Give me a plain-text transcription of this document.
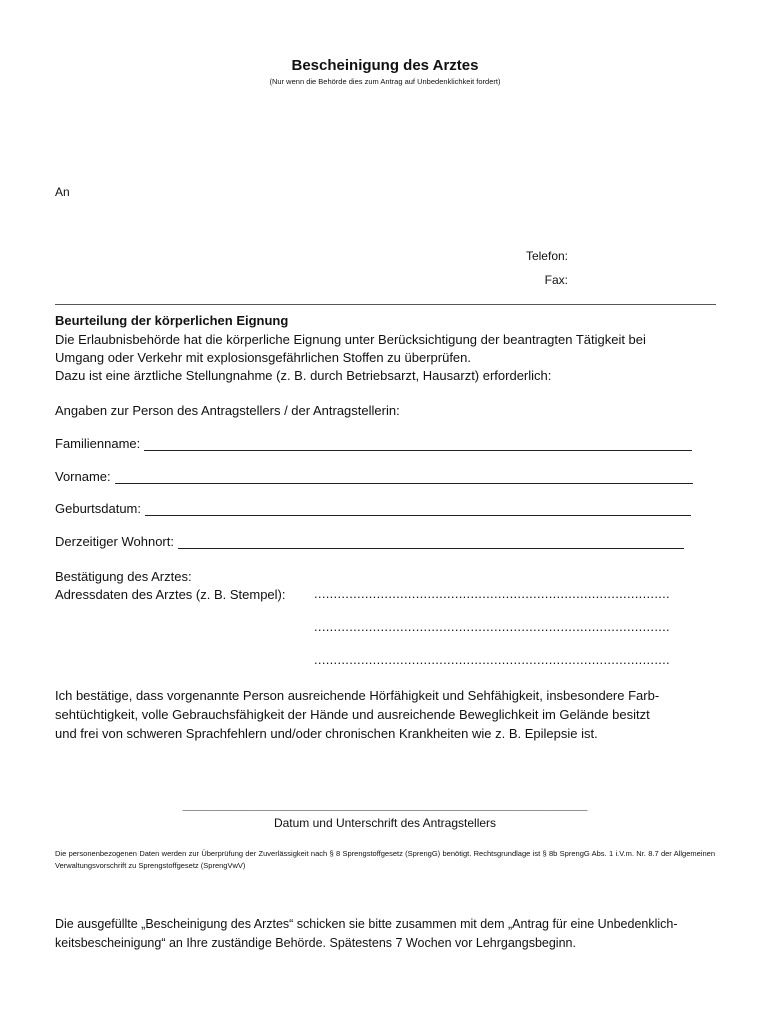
Bescheinigung des Arztes
(Nur wenn die Behörde dies zum Antrag auf Unbedenklichkeit fordert)
An
Telefon:
Fax:
Beurteilung der körperlichen Eignung
Die Erlaubnisbehörde hat die körperliche Eignung unter Berücksichtigung der beantragten Tätigkeit bei
Umgang oder Verkehr mit explosionsgefährlichen Stoffen zu überprüfen.
Dazu ist eine ärztliche Stellungnahme (z. B. durch Betriebsarzt, Hausarzt) erforderlich:
Angaben zur Person des Antragstellers / der Antragstellerin:
Familienname:
Vorname:
Geburtsdatum:
Derzeitiger Wohnort:
Bestätigung des Arztes:
Adressdaten des Arztes (z. B. Stempel): ...........................................................................................
...........................................................................................
...........................................................................................
Ich bestätige, dass vorgenannte Person ausreichende Hörfähigkeit und Sehfähigkeit, insbesondere Farb-
sehtüchtigkeit, volle Gebrauchsfähigkeit der Hände und ausreichende Beweglichkeit im Gelände besitzt
und frei von schweren Sprachfehlern und/oder chronischen Krankheiten wie z. B. Epilepsie ist.
___________________________________________________________________________________________
Datum und Unterschrift des Antragstellers
Die personenbezogenen Daten werden zur Überprüfung der Zuverlässigkeit nach § 8 Sprengstoffgesetz (SprengG) benötigt. Rechtsgrundlage ist § 8b SprengG Abs. 1 i.V.m. Nr. 8.7 der Allgemeinen Verwaltungsvorschrift zu Sprengstoffgesetz (SprengVwV)
Die ausgefüllte „Bescheinigung des Arztes“ schicken sie bitte zusammen mit dem „Antrag für eine Unbedenklich-
keitsbescheinigung“ an Ihre zuständige Behörde. Spätestens 7 Wochen vor Lehrgangsbeginn.
